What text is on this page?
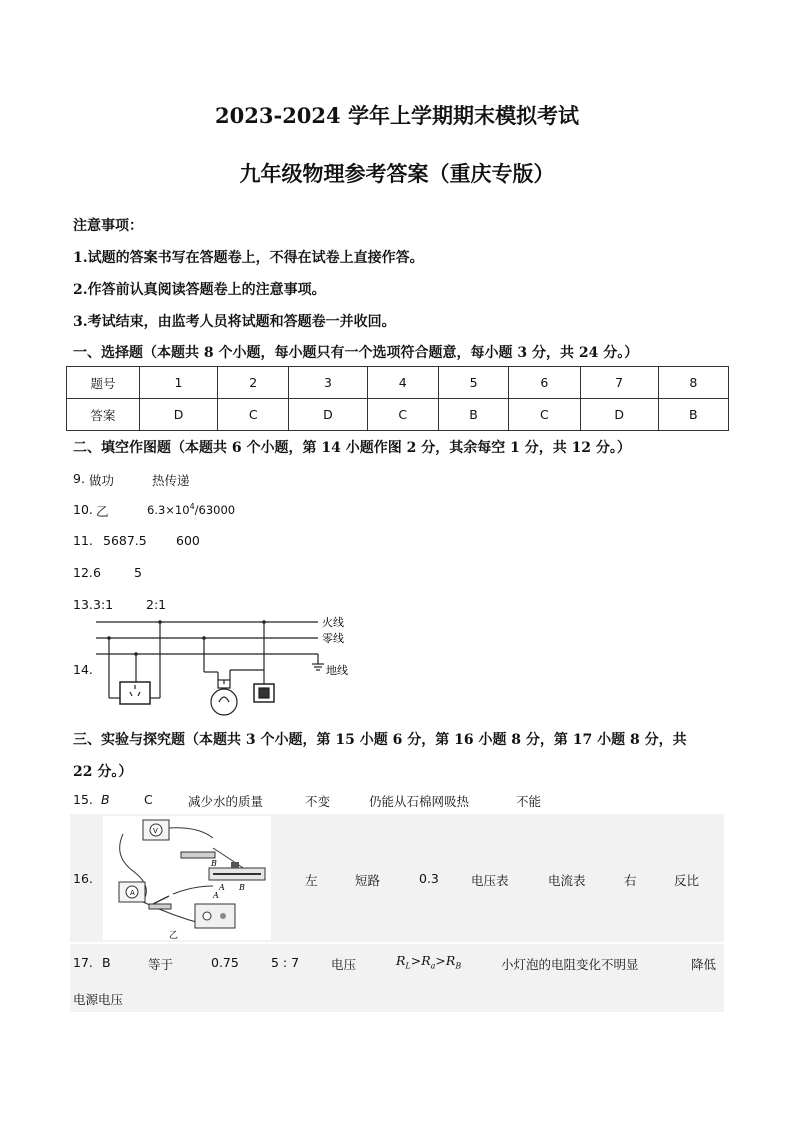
2023-2024 学年上学期期末模拟考试
九年级物理参考答案（重庆专版）
注意事项：
1.试题的答案书写在答题卷上，不得在试卷上直接作答。
2.作答前认真阅读答题卷上的注意事项。
3.考试结束，由监考人员将试题和答题卷一并收回。
一、选择题（本题共 8 个小题，每小题只有一个选项符合题意，每小题 3 分，共 24 分。）
题号	1	2	3	4	5	6	7	8
答案	D	C	D	C	B	C	D	B
二、填空作图题（本题共 6 个小题，第 14 小题作图 2 分，其余每空 1 分，共 12 分。）
9. 做功	热传递
10. 乙	$6.3\times 10^4/63000$
11. 5687.5 600
12. 6	5
13. 3:1	2:1
14.
火线
零线
地线
三、实验与探究题（本题共 3 个小题，第 15 小题 6 分，第 16 小题 8 分，第 17 小题 8 分，共
22 分。）
15. B	C	减少水的质量	不变	仍能从石棉网吸热	不能
16.
V
A
A B
B
A
乙
左	短路	0.3	电压表	电流表	右	反比
17. B	等于	0.75	5 : 7	电压	$R_L>R_a>R_B$	小灯泡的电阻变化不明显	降低
电源电压
